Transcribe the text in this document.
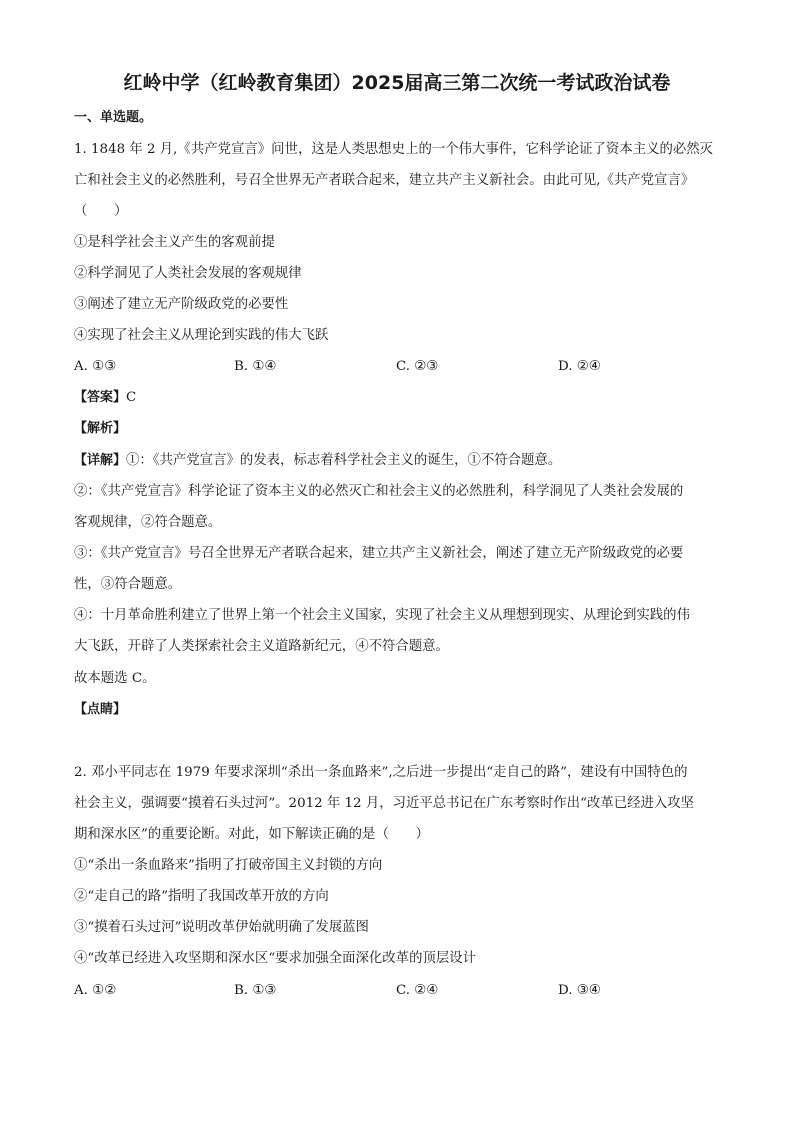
红岭中学（红岭教育集团）2025届高三第二次统一考试政治试卷
一、单选题。
1. 1848 年 2 月,《共产党宣言》问世，这是人类思想史上的一个伟大事件，它科学论证了资本主义的必然灭
亡和社会主义的必然胜利，号召全世界无产者联合起来，建立共产主义新社会。由此可见,《共产党宣言》
（　　）
①是科学社会主义产生的客观前提
②科学洞见了人类社会发展的客观规律
③阐述了建立无产阶级政党的必要性
④实现了社会主义从理论到实践的伟大飞跃
A. ①③	B. ①④	C. ②③	D. ②④
【答案】C
【解析】
【详解】①：《共产党宣言》的发表，标志着科学社会主义的诞生，①不符合题意。
②：《共产党宣言》科学论证了资本主义的必然灭亡和社会主义的必然胜利，科学洞见了人类社会发展的
客观规律，②符合题意。
③：《共产党宣言》号召全世界无产者联合起来，建立共产主义新社会，阐述了建立无产阶级政党的必要
性，③符合题意。
④：十月革命胜利建立了世界上第一个社会主义国家，实现了社会主义从理想到现实、从理论到实践的伟
大飞跃，开辟了人类探索社会主义道路新纪元，④不符合题意。
故本题选 C。
【点睛】
2. 邓小平同志在 1979 年要求深圳“杀出一条血路来”,之后进一步提出“走自己的路”，建设有中国特色的
社会主义，强调要“摸着石头过河”。2012 年 12 月，习近平总书记在广东考察时作出“改革已经进入攻坚
期和深水区”的重要论断。对此，如下解读正确的是（　　）
①“杀出一条血路来”指明了打破帝国主义封锁的方向
②“走自己的路”指明了我国改革开放的方向
③“摸着石头过河”说明改革伊始就明确了发展蓝图
④“改革已经进入攻坚期和深水区“要求加强全面深化改革的顶层设计
A. ①②	B. ①③	C. ②④	D. ③④
